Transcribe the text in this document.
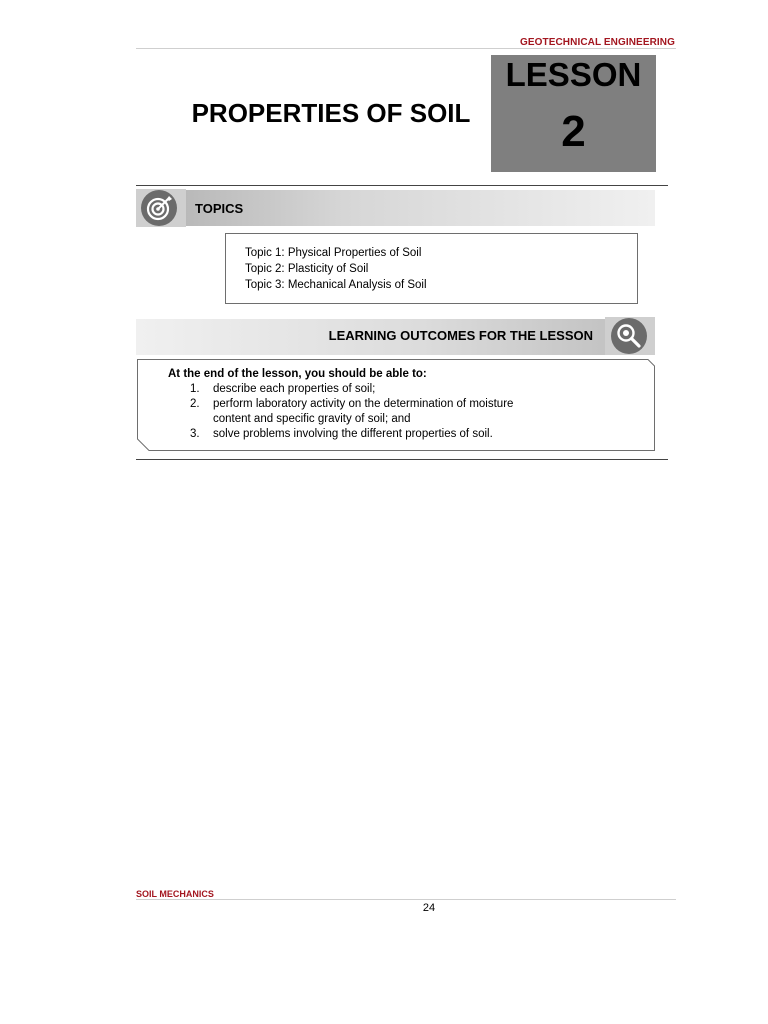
GEOTECHNICAL ENGINEERING
LESSON
2
PROPERTIES OF SOIL
TOPICS
Topic 1: Physical Properties of Soil
Topic 2: Plasticity of Soil
Topic 3: Mechanical Analysis of Soil
LEARNING OUTCOMES FOR THE LESSON
At the end of the lesson, you should be able to:
1. describe each properties of soil;
2. perform laboratory activity on the determination of moisture
content and specific gravity of soil; and
3. solve problems involving the different properties of soil.
SOIL MECHANICS
24
